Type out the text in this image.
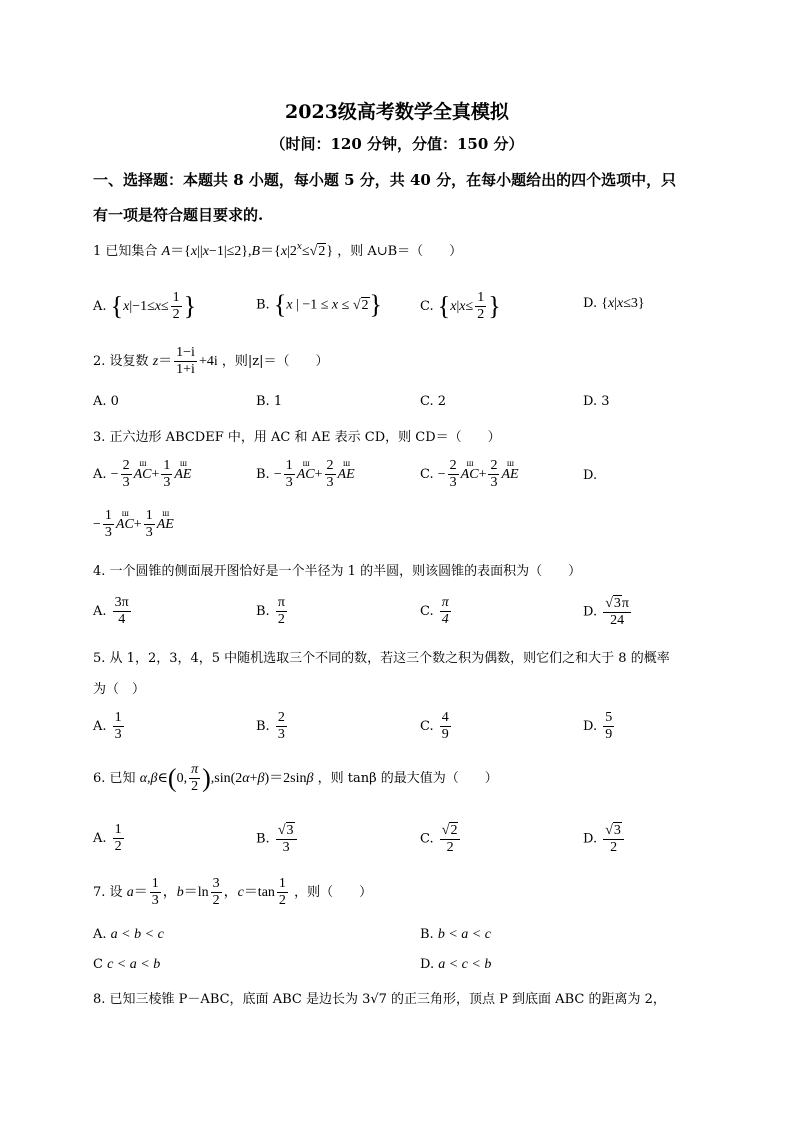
2023级高考数学全真模拟
（时间：120 分钟，分值：150 分）
一、选择题：本题共 8 小题，每小题 5 分，共 40 分，在每小题给出的四个选项中，只
有一项是符合题目要求的.
1 已知集合 $A=\{x||x-1|\le 2\},B=\{x|2^x\le√2\}$ ，则 A∪B＝（　　）
A. {$x|-1\le x\le \frac{1}{2}$ }	B. {x | −1 ≤ x ≤ √2}	C. {$x|x\le \frac{1}{2}$ }	D. {x|x≤3}
2. 设复数 $z= \frac{1-i}{1+i} +4i$ ，则|z|＝（　　）
A. 0	B. 1	C. 2	D. 3
3. 正六边形 ABCDEF 中，用 AC 和 AE 表示 CD，则 CD＝（　　）
A. − $\frac{2}{3}$ ш $AC+ \frac{1}{3}$ ш AE	B. − $\frac{1}{3}$ ш $AC+ \frac{2}{3}$ ш AE	C. − $\frac{2}{3}$ ш $AC+ \frac{2}{3}$ ш AE	D.
− $\frac{1}{3}$ ш $AC+ \frac{1}{3}$ ш AE
4. 一个圆锥的侧面展开图恰好是一个半径为 1 的半圆，则该圆锥的表面积为（　　）
A. $\frac{3\pi}{4}$	B. $\frac{\pi}{2}$	C. $\frac{\pi}{4}$	D. $\frac{√3\pi}{24}$
5. 从 1，2，3，4，5 中随机选取三个不同的数，若这三个数之积为偶数，则它们之和大于 8 的概率
为（　）
A. $\frac{1}{3}$	B. $\frac{2}{3}$	C. $\frac{4}{9}$	D. $\frac{5}{9}$
6. 已知 α,β∈(0, $\frac{\pi}{2} ),\sin(2\alpha+\beta)=2\sin\beta$ ，则 tanβ 的最大值为（　　）
A. $\frac{1}{2}$	B. $\frac{√3}{3}$	C. $\frac{√2}{2}$	D. $\frac{√3}{2}$
7. 设 $a= \frac{1}{3}$ ，$b=\ln \frac{3}{2}$ ，$c=\tan \frac{1}{2}$ ，则（　　）
A. a < b < c	B. b < a < c
C c < a < b	D. a < c < b
8. 已知三棱锥 P－ABC，底面 ABC 是边长为 3√7 的正三角形，顶点 P 到底面 ABC 的距离为 2，
